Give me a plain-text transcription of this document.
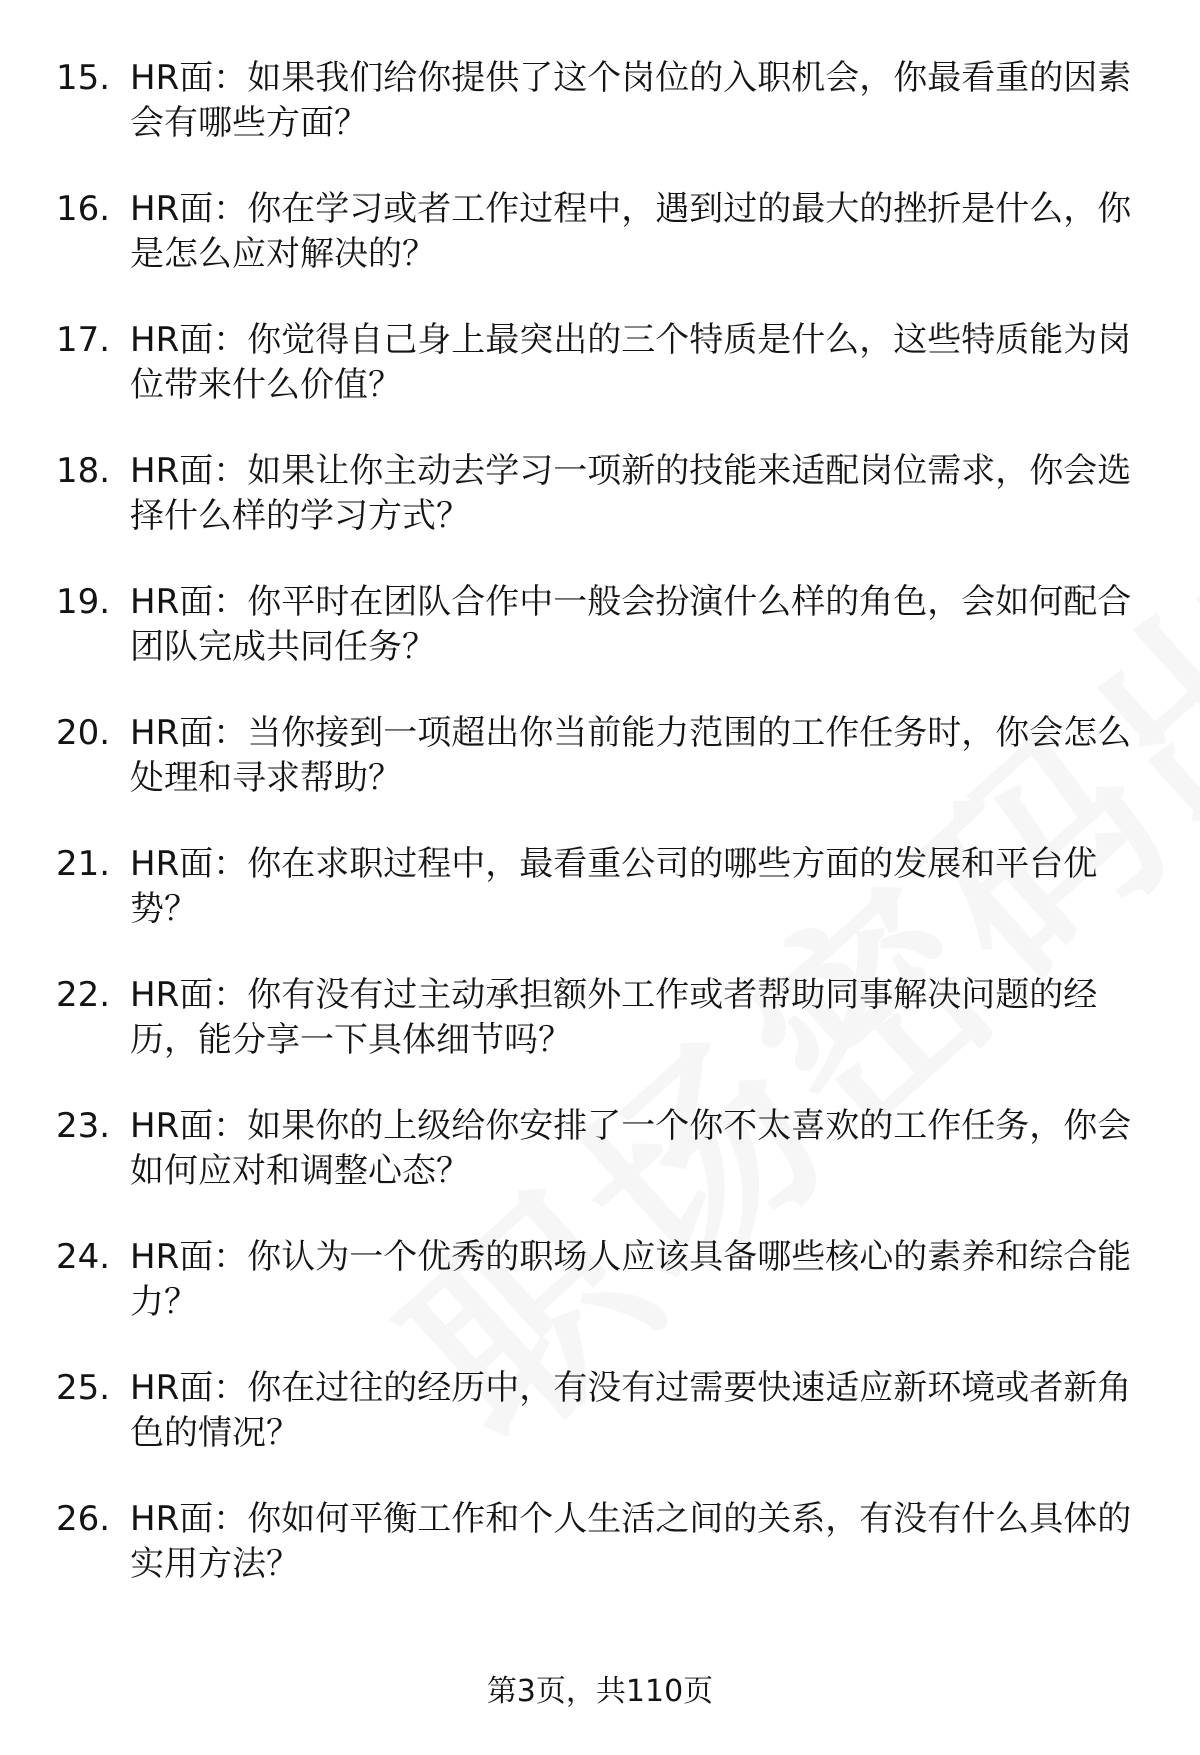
15. HR面：如果我们给你提供了这个岗位的入职机会，你最看重的因素会有哪些方面？
16. HR面：你在学习或者工作过程中，遇到过的最大的挫折是什么，你是怎么应对解决的？
17. HR面：你觉得自己身上最突出的三个特质是什么，这些特质能为岗位带来什么价值？
18. HR面：如果让你主动去学习一项新的技能来适配岗位需求，你会选择什么样的学习方式？
19. HR面：你平时在团队合作中一般会扮演什么样的角色，会如何配合团队完成共同任务？
20. HR面：当你接到一项超出你当前能力范围的工作任务时，你会怎么处理和寻求帮助？
21. HR面：你在求职过程中，最看重公司的哪些方面的发展和平台优势？
22. HR面：你有没有过主动承担额外工作或者帮助同事解决问题的经历，能分享一下具体细节吗？
23. HR面：如果你的上级给你安排了一个你不太喜欢的工作任务，你会如何应对和调整心态？
24. HR面：你认为一个优秀的职场人应该具备哪些核心的素养和综合能力？
25. HR面：你在过往的经历中，有没有过需要快速适应新环境或者新角色的情况？
26. HR面：你如何平衡工作和个人生活之间的关系，有没有什么具体的实用方法？
第3页，共110页
